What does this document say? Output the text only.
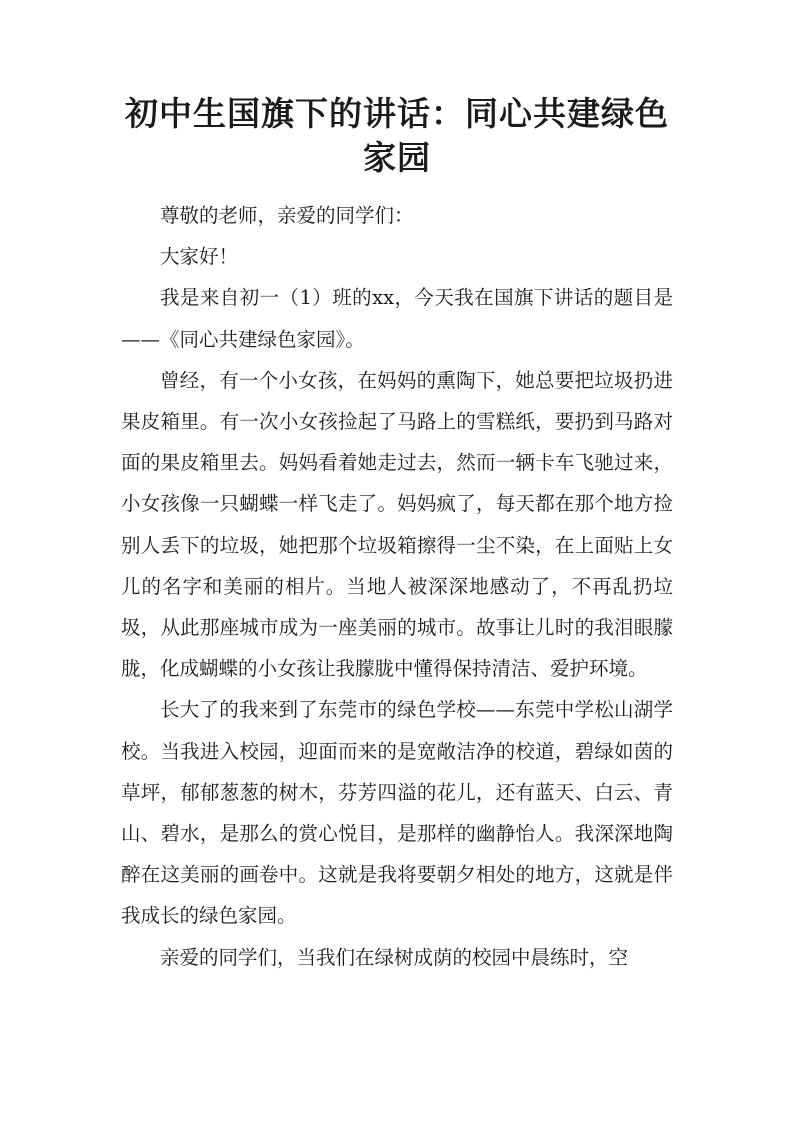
初中生国旗下的讲话：同心共建绿色家园

尊敬的老师，亲爱的同学们：

大家好！

我是来自初一（1）班的xx，今天我在国旗下讲话的题目是——《同心共建绿色家园》。

曾经，有一个小女孩，在妈妈的熏陶下，她总要把垃圾扔进果皮箱里。有一次小女孩捡起了马路上的雪糕纸，要扔到马路对面的果皮箱里去。妈妈看着她走过去，然而一辆卡车飞驰过来，小女孩像一只蝴蝶一样飞走了。妈妈疯了，每天都在那个地方捡别人丢下的垃圾，她把那个垃圾箱擦得一尘不染，在上面贴上女儿的名字和美丽的相片。当地人被深深地感动了，不再乱扔垃圾，从此那座城市成为一座美丽的城市。故事让儿时的我泪眼朦胧，化成蝴蝶的小女孩让我朦胧中懂得保持清洁、爱护环境。

长大了的我来到了东莞市的绿色学校——东莞中学松山湖学校。当我进入校园，迎面而来的是宽敞洁净的校道，碧绿如茵的草坪，郁郁葱葱的树木，芬芳四溢的花儿，还有蓝天、白云、青山、碧水，是那么的赏心悦目，是那样的幽静怡人。我深深地陶醉在这美丽的画卷中。这就是我将要朝夕相处的地方，这就是伴我成长的绿色家园。

亲爱的同学们，当我们在绿树成荫的校园中晨练时，空
